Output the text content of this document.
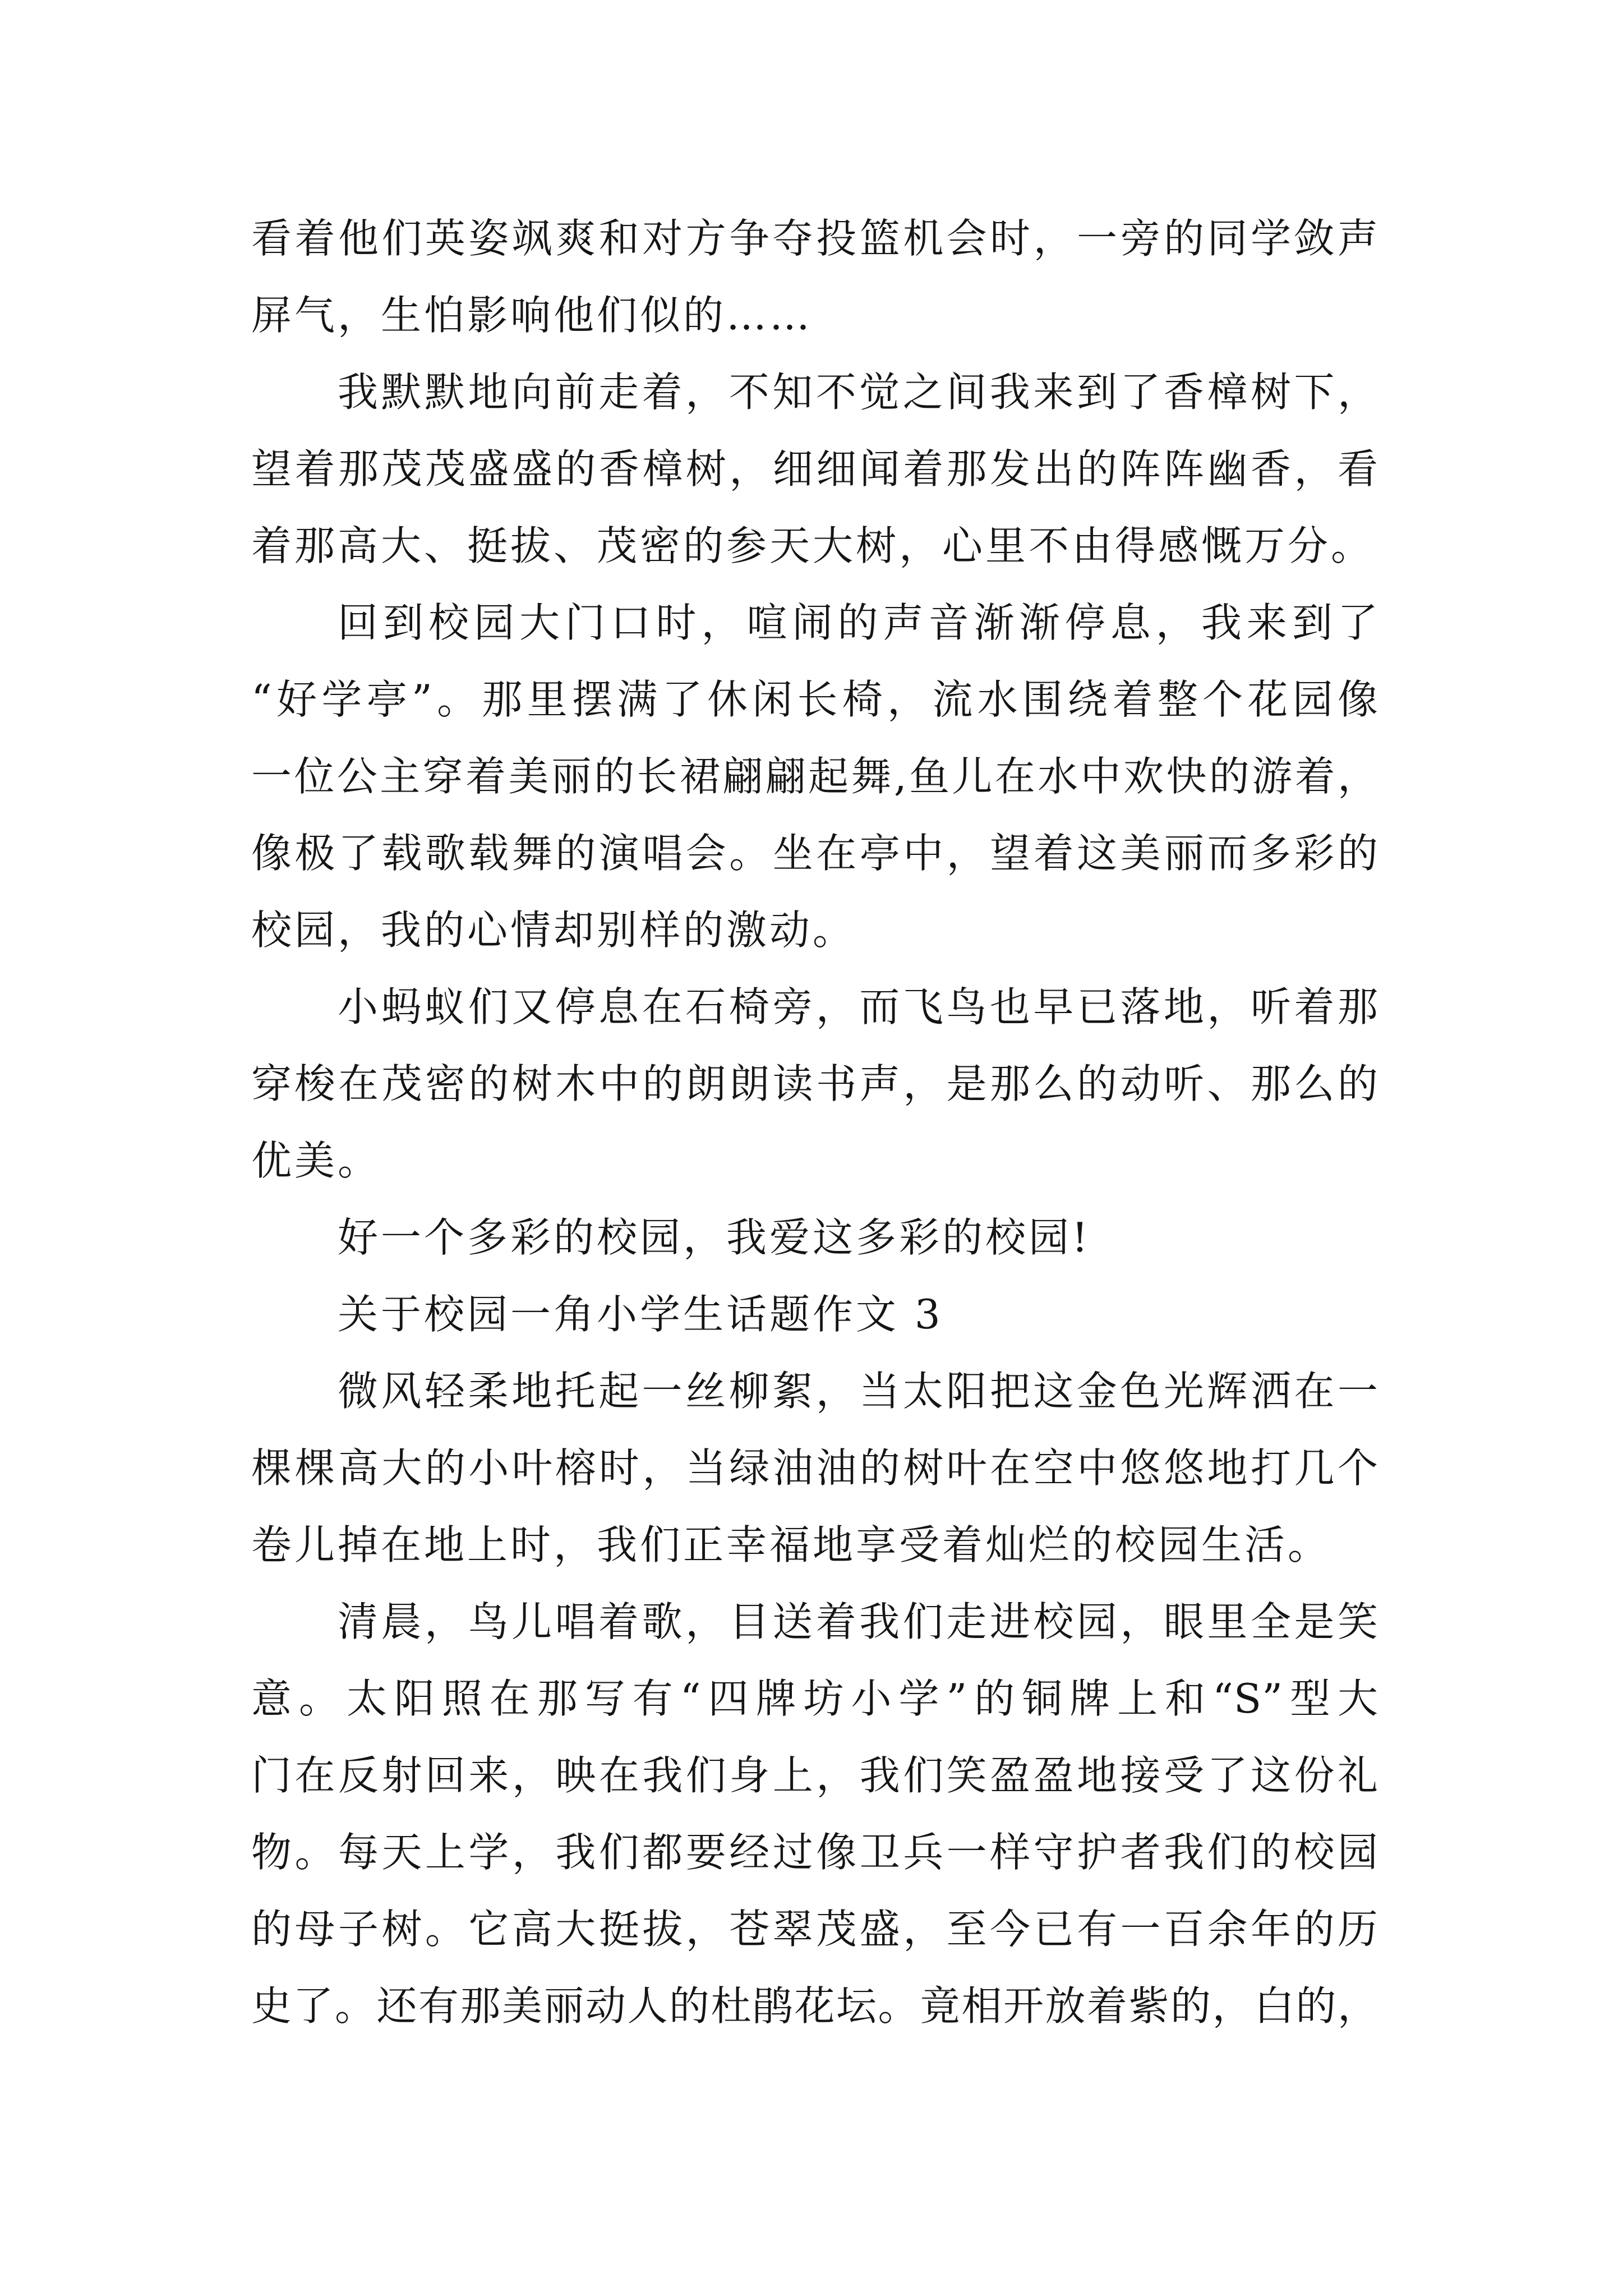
看着他们英姿飒爽和对方争夺投篮机会时，一旁的同学敛声
屏气，生怕影响他们似的……
我默默地向前走着，不知不觉之间我来到了香樟树下，
望着那茂茂盛盛的香樟树，细细闻着那发出的阵阵幽香，看
着那高大、挺拔、茂密的参天大树，心里不由得感慨万分。
回到校园大门口时，喧闹的声音渐渐停息，我来到了
“好学亭”。那里摆满了休闲长椅，流水围绕着整个花园像
一位公主穿着美丽的长裙翩翩起舞,鱼儿在水中欢快的游着，
像极了载歌载舞的演唱会。坐在亭中，望着这美丽而多彩的
校园，我的心情却别样的激动。
小蚂蚁们又停息在石椅旁，而飞鸟也早已落地，听着那
穿梭在茂密的树木中的朗朗读书声，是那么的动听、那么的
优美。
好一个多彩的校园，我爱这多彩的校园!
关于校园一角小学生话题作文 3
微风轻柔地托起一丝柳絮，当太阳把这金色光辉洒在一
棵棵高大的小叶榕时，当绿油油的树叶在空中悠悠地打几个
卷儿掉在地上时，我们正幸福地享受着灿烂的校园生活。
清晨，鸟儿唱着歌，目送着我们走进校园，眼里全是笑
意。太阳照在那写有“四牌坊小学”的铜牌上和“S”型大
门在反射回来，映在我们身上，我们笑盈盈地接受了这份礼
物。每天上学，我们都要经过像卫兵一样守护者我们的校园
的母子树。它高大挺拔，苍翠茂盛，至今已有一百余年的历
史了。还有那美丽动人的杜鹃花坛。竟相开放着紫的，白的，
